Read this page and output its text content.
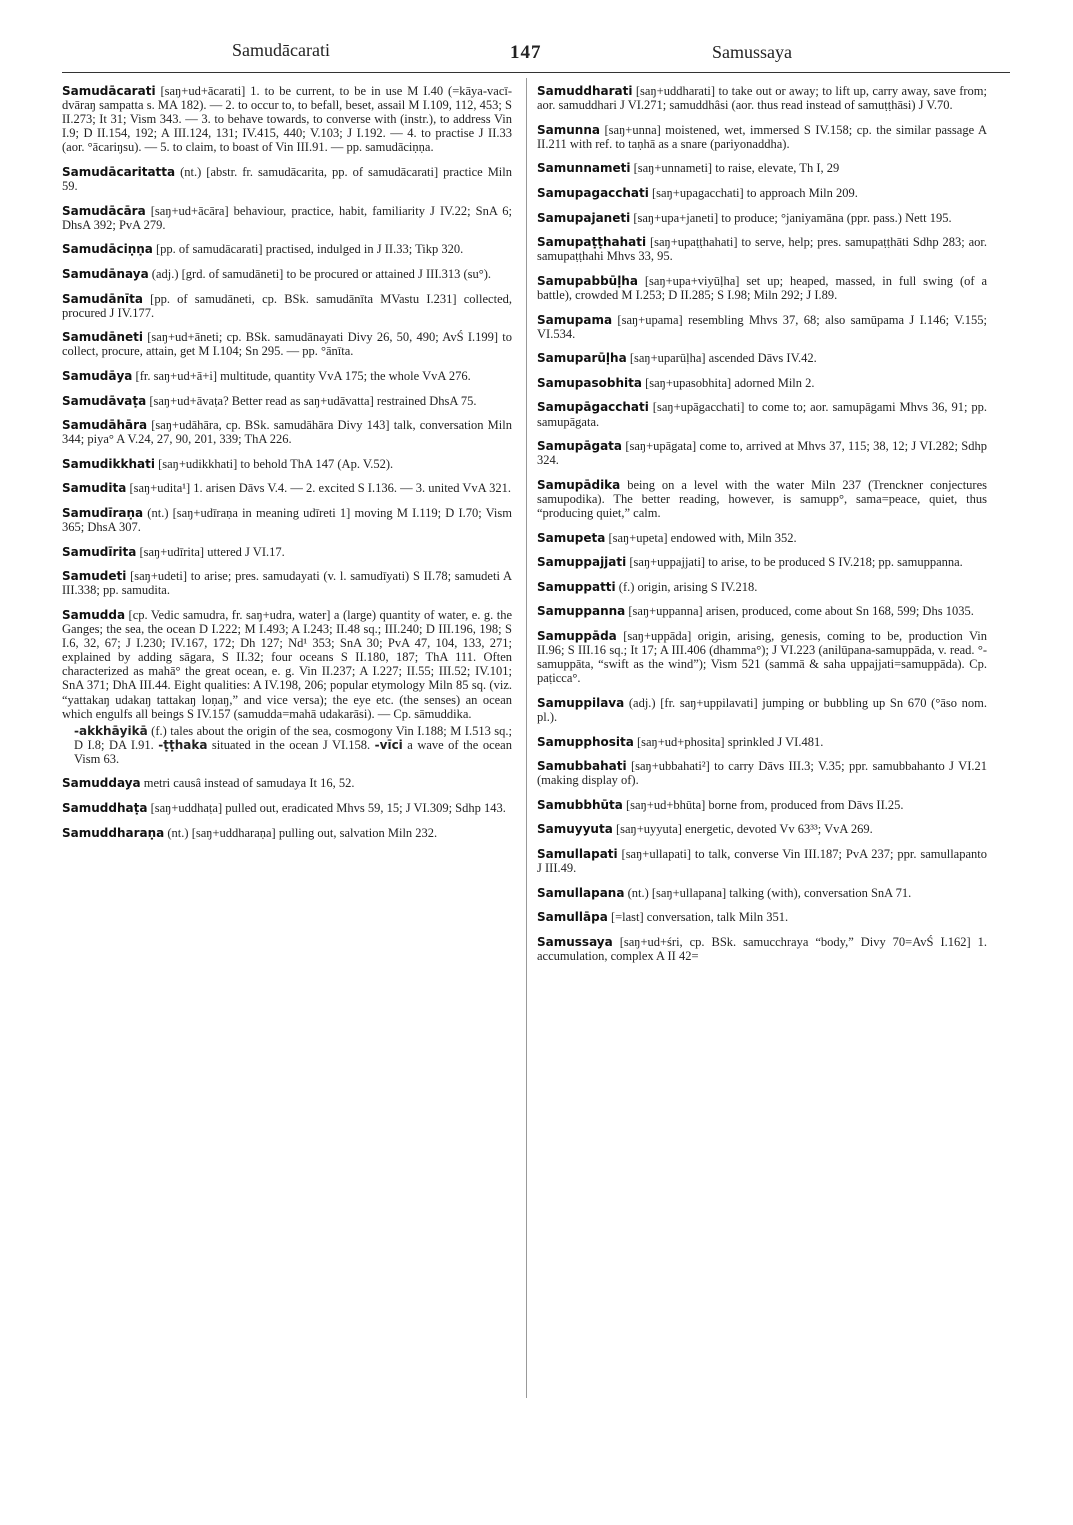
Samudācarati	147	Samussaya
Samudācarati [saŋ+ud+ācarati] 1. to be current, to be in use M I.40 (=kāya-vacī-dvāraŋ sampatta s. MA 182). — 2. to occur to, to befall, beset, assail M I.109, 112, 453; S II.273; It 31; Vism 343. — 3. to behave towards, to converse with (instr.), to address Vin I.9; D II.154, 192; A III.124, 131; IV.415, 440; V.103; J I.192. — 4. to practise J II.33 (aor. °ācariŋsu). — 5. to claim, to boast of Vin III.91. — pp. samudāciṇṇa.
Samudācaritatta (nt.) [abstr. fr. samudācarita, pp. of samudācarati] practice Miln 59.
Samudācāra [saŋ+ud+ācāra] behaviour, practice, habit, familiarity J IV.22; SnA 6; DhsA 392; PvA 279.
Samudāciṇṇa [pp. of samudācarati] practised, indulged in J II.33; Tikp 320.
Samudānaya (adj.) [grd. of samudāneti] to be procured or attained J III.313 (su°).
Samudānīta [pp. of samudāneti, cp. BSk. samudānīta MVastu I.231] collected, procured J IV.177.
Samudāneti [saŋ+ud+āneti; cp. BSk. samudānayati Divy 26, 50, 490; AvŚ I.199] to collect, procure, attain, get M I.104; Sn 295. — pp. °ānīta.
Samudāya [fr. saŋ+ud+ā+i] multitude, quantity VvA 175; the whole VvA 276.
Samudāvaṭa [saŋ+ud+āvaṭa? Better read as saŋ+udāvatta] restrained DhsA 75.
Samudāhāra [saŋ+udāhāra, cp. BSk. samudāhāra Divy 143] talk, conversation Miln 344; piya° A V.24, 27, 90, 201, 339; ThA 226.
Samudikkhati [saŋ+udikkhati] to behold ThA 147 (Ap. V.52).
Samudita [saŋ+udita¹] 1. arisen Dāvs V.4. — 2. excited S I.136. — 3. united VvA 321.
Samudīraṇa (nt.) [saŋ+udīraṇa in meaning udīreti 1] moving M I.119; D I.70; Vism 365; DhsA 307.
Samudīrita [saŋ+udīrita] uttered J VI.17.
Samudeti [saŋ+udeti] to arise; pres. samudayati (v. l. samudīyati) S II.78; samudeti A III.338; pp. samudita.
Samudda [cp. Vedic samudra, fr. saŋ+udra, water] a (large) quantity of water, e. g. the Ganges; the sea, the ocean D I.222; M I.493; A I.243; II.48 sq.; III.240; D III.196, 198; S I.6, 32, 67; J I.230; IV.167, 172; Dh 127; Nd¹ 353; SnA 30; PvA 47, 104, 133, 271; explained by adding sāgara, S II.32; four oceans S II.180, 187; ThA 111. Often characterized as mahā° the great ocean, e. g. Vin II.237; A I.227; II.55; III.52; IV.101; SnA 371; DhA III.44. Eight qualities: A IV.198, 206; popular etymology Miln 85 sq. (viz. “yattakaŋ udakaŋ tattakaŋ loṇaŋ,” and vice versa); the eye etc. (the senses) an ocean which engulfs all beings S IV.157 (samudda=mahā udakarāsi). — Cp. sāmuddika.
-akkhāyikā (f.) tales about the origin of the sea, cosmogony Vin I.188; M I.513 sq.; D I.8; DA I.91. -ṭṭhaka situated in the ocean J VI.158. -vīci a wave of the ocean Vism 63.
Samuddaya metri causâ instead of samudaya It 16, 52.
Samuddhaṭa [saŋ+uddhaṭa] pulled out, eradicated Mhvs 59, 15; J VI.309; Sdhp 143.
Samuddharaṇa (nt.) [saŋ+uddharaṇa] pulling out, salvation Miln 232.
Samuddharati [saŋ+uddharati] to take out or away; to lift up, carry away, save from; aor. samuddhari J VI.271; samuddhâsi (aor. thus read instead of samuṭṭhāsi) J V.70.
Samunna [saŋ+unna] moistened, wet, immersed S IV.158; cp. the similar passage A II.211 with ref. to taṇhā as a snare (pariyonaddha).
Samunnameti [saŋ+unnameti] to raise, elevate, Th I, 29
Samupagacchati [saŋ+upagacchati] to approach Miln 209.
Samupajaneti [saŋ+upa+janeti] to produce; °janiyamāna (ppr. pass.) Nett 195.
Samupaṭṭhahati [saŋ+upaṭṭhahati] to serve, help; pres. samupaṭṭhāti Sdhp 283; aor. samupaṭṭhahi Mhvs 33, 95.
Samupabbūḷha [saŋ+upa+viyūḷha] set up; heaped, massed, in full swing (of a battle), crowded M I.253; D II.285; S I.98; Miln 292; J I.89.
Samupama [saŋ+upama] resembling Mhvs 37, 68; also samūpama J I.146; V.155; VI.534.
Samuparūḷha [saŋ+uparūḷha] ascended Dāvs IV.42.
Samupasobhita [saŋ+upasobhita] adorned Miln 2.
Samupāgacchati [saŋ+upāgacchati] to come to; aor. samupāgami Mhvs 36, 91; pp. samupāgata.
Samupāgata [saŋ+upāgata] come to, arrived at Mhvs 37, 115; 38, 12; J VI.282; Sdhp 324.
Samupādika being on a level with the water Miln 237 (Trenckner conjectures samupodika). The better reading, however, is samupp°, sama=peace, quiet, thus “producing quiet,” calm.
Samupeta [saŋ+upeta] endowed with, Miln 352.
Samuppajjati [saŋ+uppajjati] to arise, to be produced S IV.218; pp. samuppanna.
Samuppatti (f.) origin, arising S IV.218.
Samuppanna [saŋ+uppanna] arisen, produced, come about Sn 168, 599; Dhs 1035.
Samuppāda [saŋ+uppāda] origin, arising, genesis, coming to be, production Vin II.96; S III.16 sq.; It 17; A III.406 (dhamma°); J VI.223 (anilūpana-samuppāda, v. read. °-samuppāta, “swift as the wind”); Vism 521 (sammā & saha uppajjati=samuppāda). Cp. paṭicca°.
Samuppilava (adj.) [fr. saŋ+uppilavati] jumping or bubbling up Sn 670 (°āso nom. pl.).
Samupphosita [saŋ+ud+phosita] sprinkled J VI.481.
Samubbahati [saŋ+ubbahati²] to carry Dāvs III.3; V.35; ppr. samubbahanto J VI.21 (making display of).
Samubbhūta [saŋ+ud+bhūta] borne from, produced from Dāvs II.25.
Samuyyuta [saŋ+uyyuta] energetic, devoted Vv 63³³; VvA 269.
Samullapati [saŋ+ullapati] to talk, converse Vin III.187; PvA 237; ppr. samullapanto J III.49.
Samullapana (nt.) [saŋ+ullapana] talking (with), conversation SnA 71.
Samullāpa [=last] conversation, talk Miln 351.
Samussaya [saŋ+ud+śri, cp. BSk. samucchraya “body,” Divy 70=AvŚ I.162] 1. accumulation, complex A II 42=
